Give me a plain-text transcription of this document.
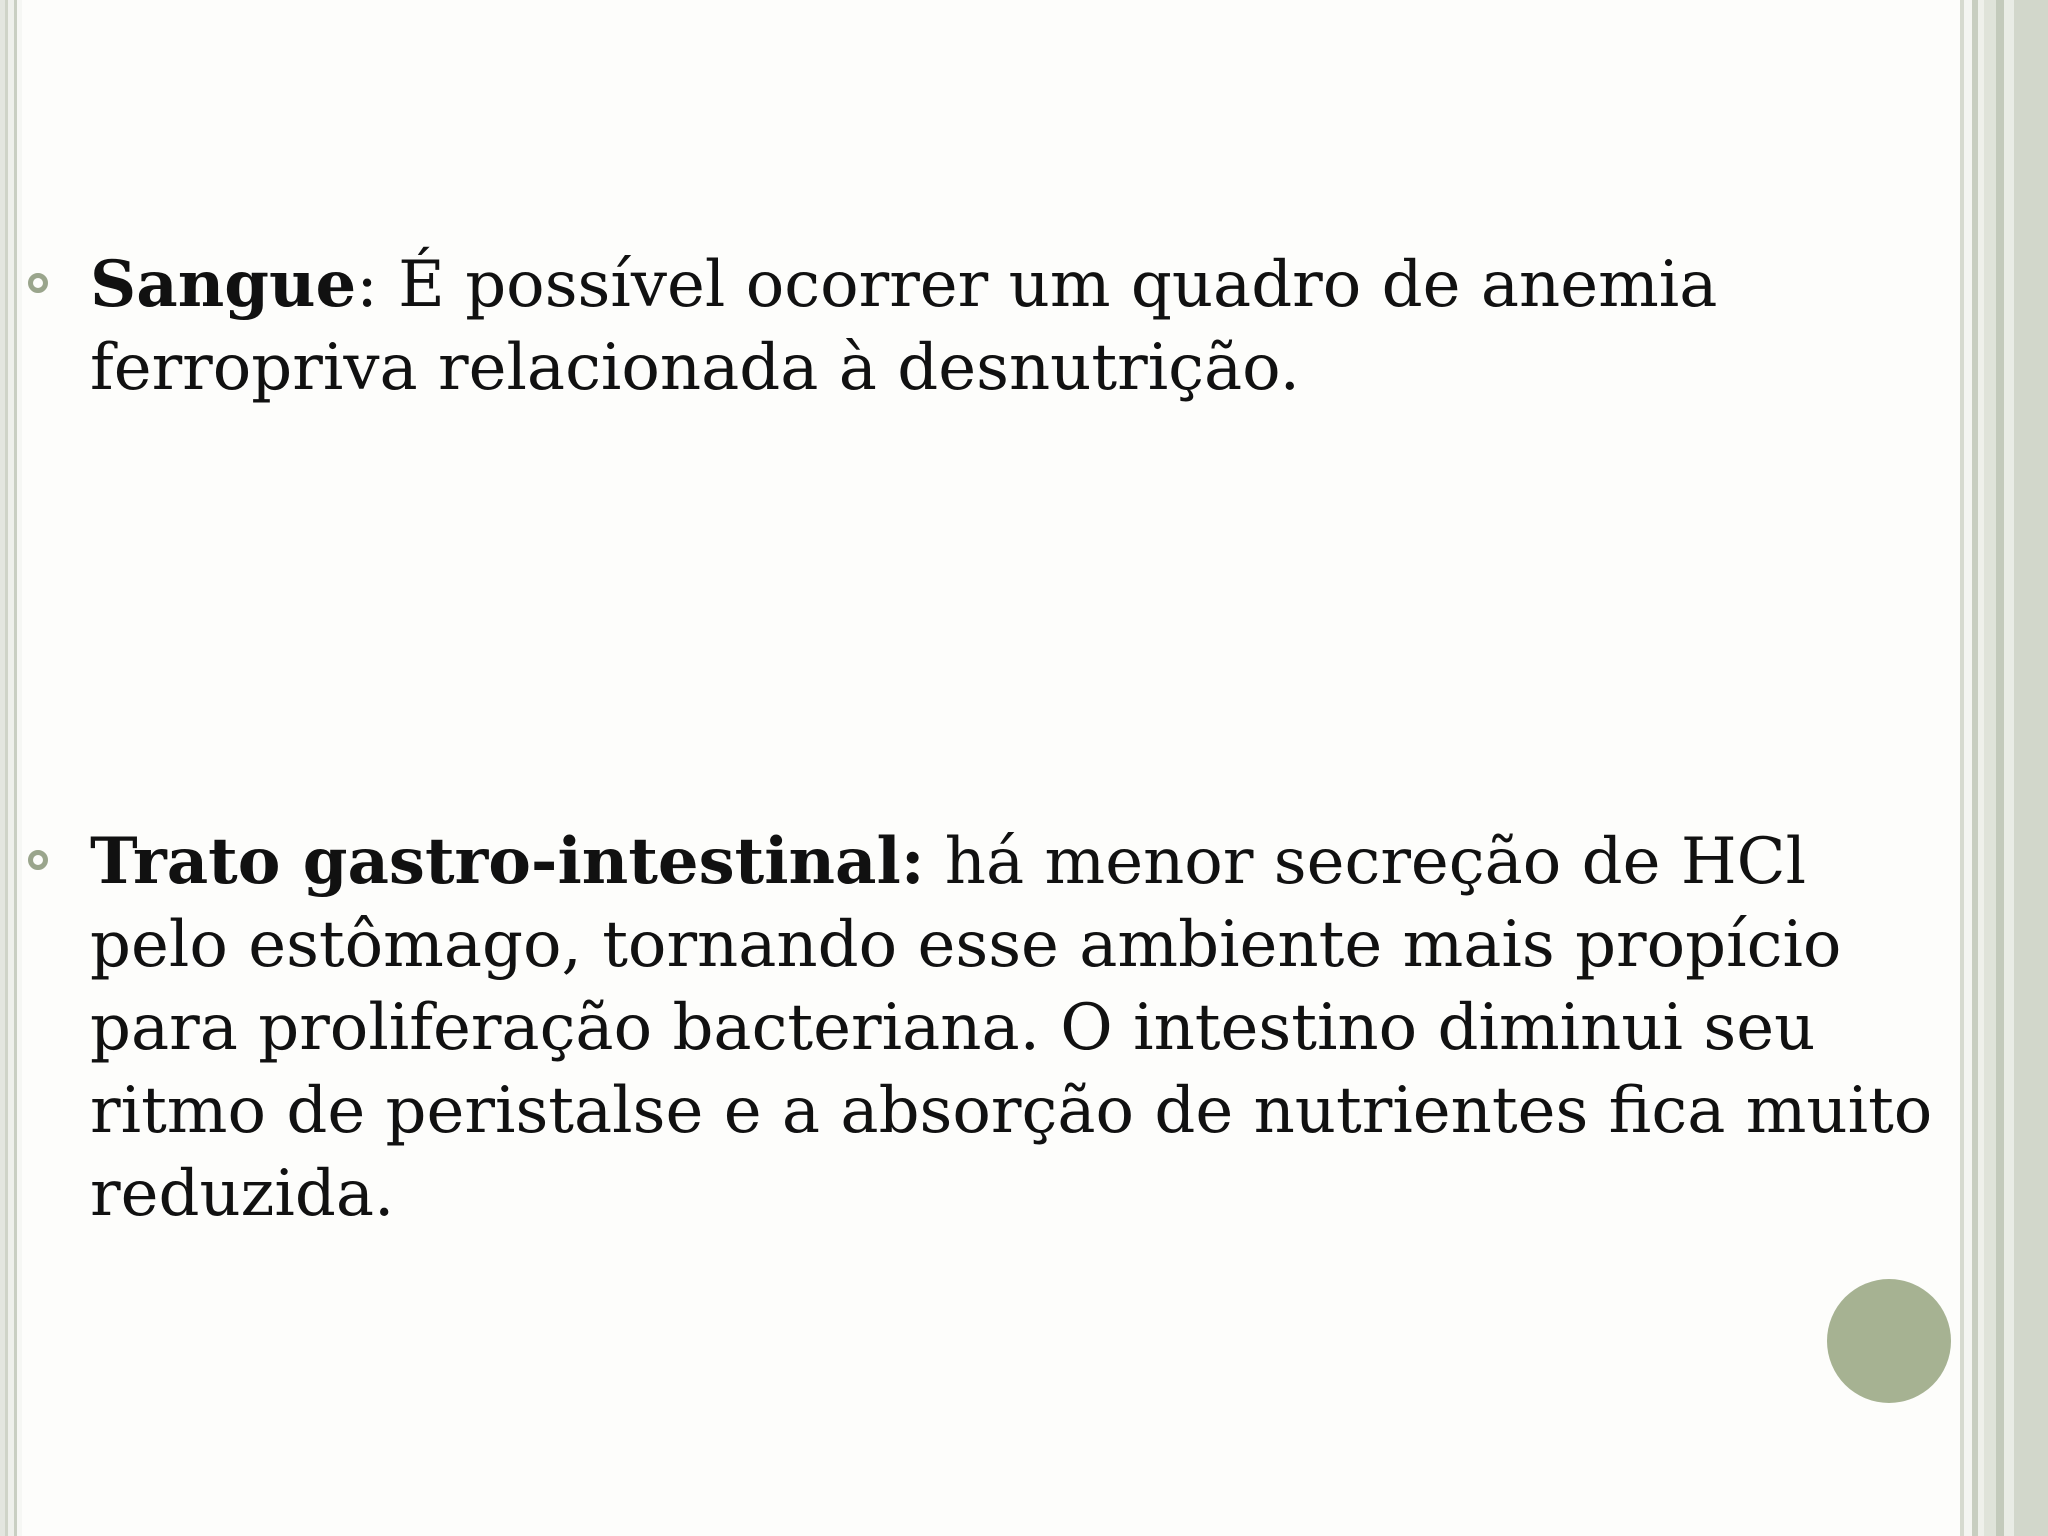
Sangue: É possível ocorrer um quadro de anemia ferropriva relacionada à desnutrição.
Trato gastro-intestinal: há menor secreção de HCl pelo estômago, tornando esse ambiente mais propício para proliferação bacteriana. O intestino diminui seu ritmo de peristalse e a absorção de nutrientes fica muito reduzida.
